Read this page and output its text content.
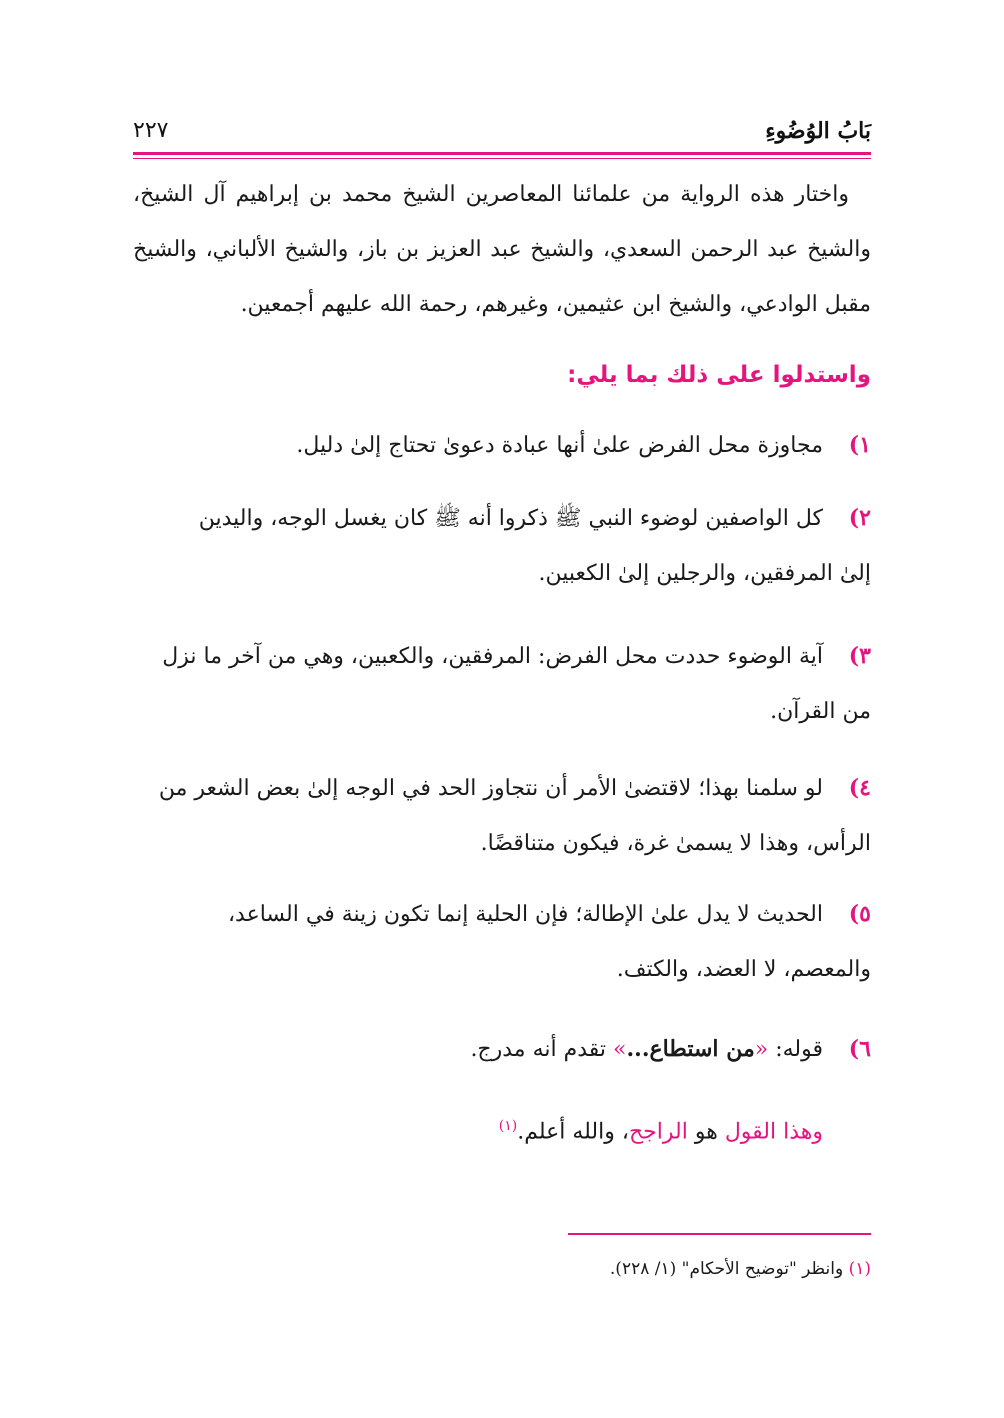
بَابُ الوُضُوءِ
٢٢٧
واختار هذه الرواية من علمائنا المعاصرين الشيخ محمد بن إبراهيم آل الشيخ، والشيخ عبد الرحمن السعدي، والشيخ عبد العزيز بن باز، والشيخ الألباني، والشيخ مقبل الوادعي، والشيخ ابن عثيمين، وغيرهم، رحمة الله عليهم أجمعين.
واستدلوا على ذلك بما يلي:
١)
مجاوزة محل الفرض علىٰ أنها عبادة دعوىٰ تحتاج إلىٰ دليل.
٢)
كل الواصفين لوضوء النبي ﷺ ذكروا أنه ﷺ كان يغسل الوجه، واليدين
إلىٰ المرفقين، والرجلين إلىٰ الكعبين.
٣)
آية الوضوء حددت محل الفرض: المرفقين، والكعبين، وهي من آخر ما نزل
من القرآن.
٤)
لو سلمنا بهذا؛ لاقتضىٰ الأمر أن نتجاوز الحد في الوجه إلىٰ بعض الشعر من
الرأس، وهذا لا يسمىٰ غرة، فيكون متناقضًا.
٥)
الحديث لا يدل علىٰ الإطالة؛ فإن الحلية إنما تكون زينة في الساعد،
والمعصم، لا العضد، والكتف.
٦)
قوله: «من استطاع...» تقدم أنه مدرج.
وهذا القول هو الراجح، والله أعلم.$^{(١)}$
(١) وانظر "توضيح الأحكام" (١/ ٢٢٨).
